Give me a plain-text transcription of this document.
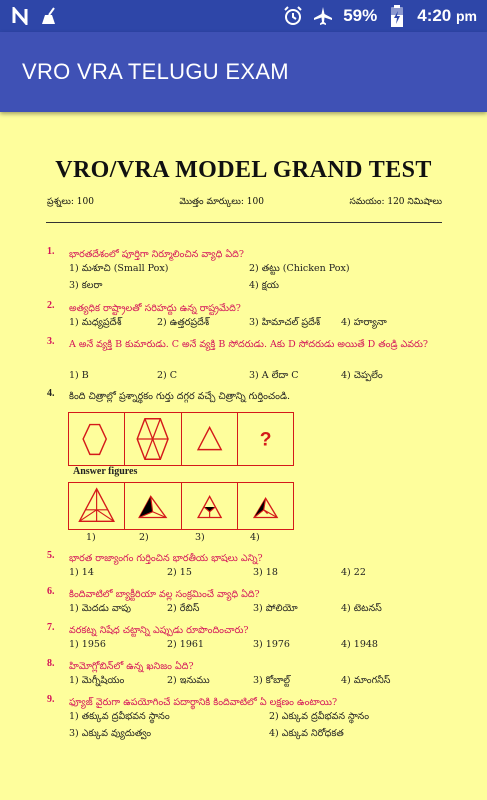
59% 4:20 pm
VRO VRA TELUGU EXAM
VRO/VRA MODEL GRAND TEST
ప్రశ్నలు: 100	మొత్తం మార్కులు: 100	సమయం: 120 నిమిషాలు
1. భారతదేశంలో పూర్తిగా నిర్మూలించిన వ్యాధి ఏది?
1) మశూచి (Small Pox)	2) తట్టు (Chicken Pox)
3) కలరా	4) క్షయ
2. అత్యధిక రాష్ట్రాలతో సరిహద్దు ఉన్న రాష్ట్రమేది?
1) మధ్యప్రదేశ్	2) ఉత్తరప్రదేశ్	3) హిమాచల్ ప్రదేశ్ 4) హర్యానా
3. A అనే వ్యక్తి B కుమారుడు. C అనే వ్యక్తి B సోదరుడు. Aకు D సోదరుడు అయితే D తండ్రి ఎవరు?
1) B	2) C	3) A లేదా C	4) చెప్పలేం
4. కింది చిత్రాల్లో ప్రశ్నార్థకం గుర్తు దగ్గర వచ్చే చిత్రాన్ని గుర్తించండి.
?
Answer figures
1)	2)	3)	4)
5. భారత రాజ్యాంగం గుర్తించిన భారతీయ భాషలు ఎన్ని?
1) 14	2) 15	3) 18	4) 22
6. కిందివాటిలో బ్యాక్టీరియా వల్ల సంక్రమించే వ్యాధి ఏది?
1) మెదడు వాపు	2) రేబిస్	3) పోలియో	4) టెటనస్
7. వరకట్న నిషేధ చట్టాన్ని ఎప్పుడు రూపొందించారు?
1) 1956	2) 1961	3) 1976	4) 1948
8. హిమోగ్లోబిన్‌లో ఉన్న ఖనిజం ఏది?
1) మెగ్నీషియం	2) ఇనుము	3) కోబాల్ట్	4) మాంగనీస్
9. ఫ్యూజ్ వైరుగా ఉపయోగించే పదార్థానికి కిందివాటిలో ఏ లక్షణం ఉంటాయి?
1) తక్కువ ద్రవీభవన స్థానం	2) ఎక్కువ ద్రవీభవన స్థానం
3) ఎక్కువ వ్యుదుత్వం	4) ఎక్కువ నిరోధకత
